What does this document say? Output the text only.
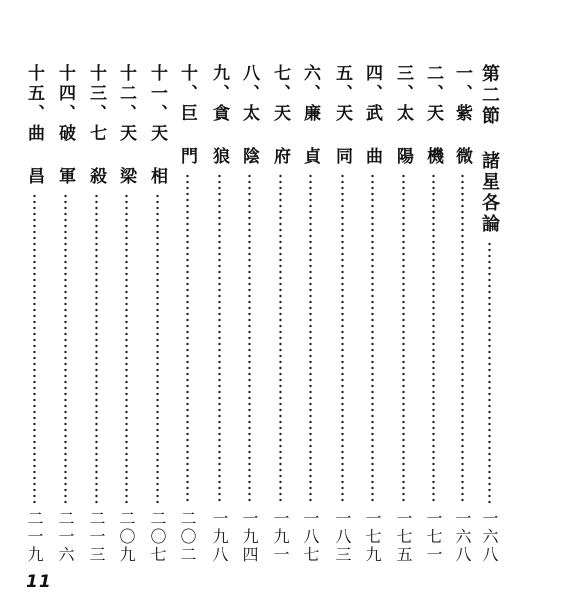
第二節 諸星各論
一六八
一、紫 微
一六八
二、天 機
一七一
三、太 陽
一七五
四、武 曲
一七九
五、天 同
一八三
六、廉 貞
一八七
七、天 府
一九一
八、太 陰
一九四
九、貪 狼
一九八
十、巨 門
二〇二
十一、天 相
二〇七
十二、天 梁
二〇九
十三、七 殺
二一三
十四、破 軍
二一六
十五、曲 昌
二一九
11
